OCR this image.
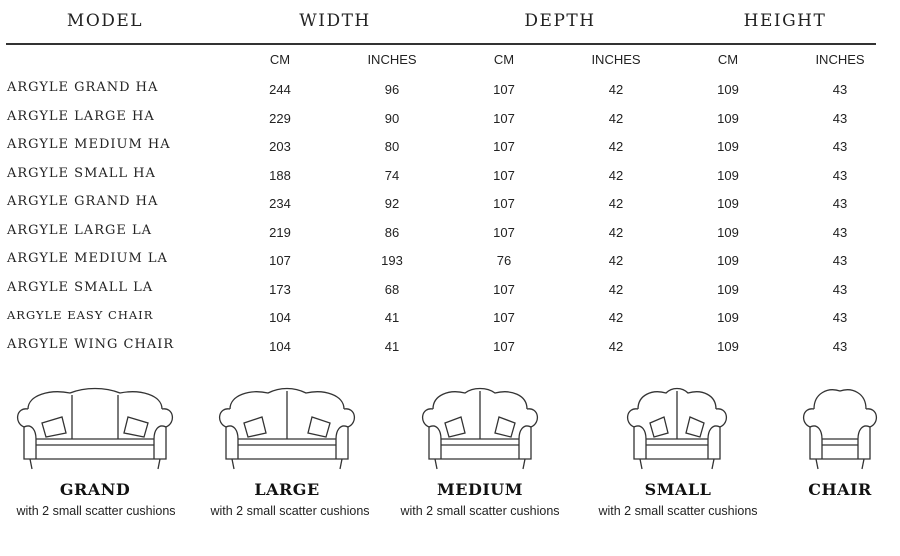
MODEL	WIDTH	DEPTH	HEIGHT
CM	INCHES	CM	INCHES	CM	INCHES
ARGYLE GRAND HA	244	96	107	42	109	43
ARGYLE LARGE HA	229	90	107	42	109	43
ARGYLE MEDIUM HA	203	80	107	42	109	43
ARGYLE SMALL HA	188	74	107	42	109	43
ARGYLE GRAND HA	234	92	107	42	109	43
ARGYLE LARGE LA	219	86	107	42	109	43
ARGYLE MEDIUM LA	107	193	76	42	109	43
ARGYLE SMALL LA	173	68	107	42	109	43
ARGYLE EASY CHAIR	104	41	107	42	109	43
ARGYLE WING CHAIR	104	41	107	42	109	43
GRAND
with 2 small scatter cushions
LARGE
with 2 small scatter cushions
MEDIUM
with 2 small scatter cushions
SMALL
with 2 small scatter cushions
CHAIR
